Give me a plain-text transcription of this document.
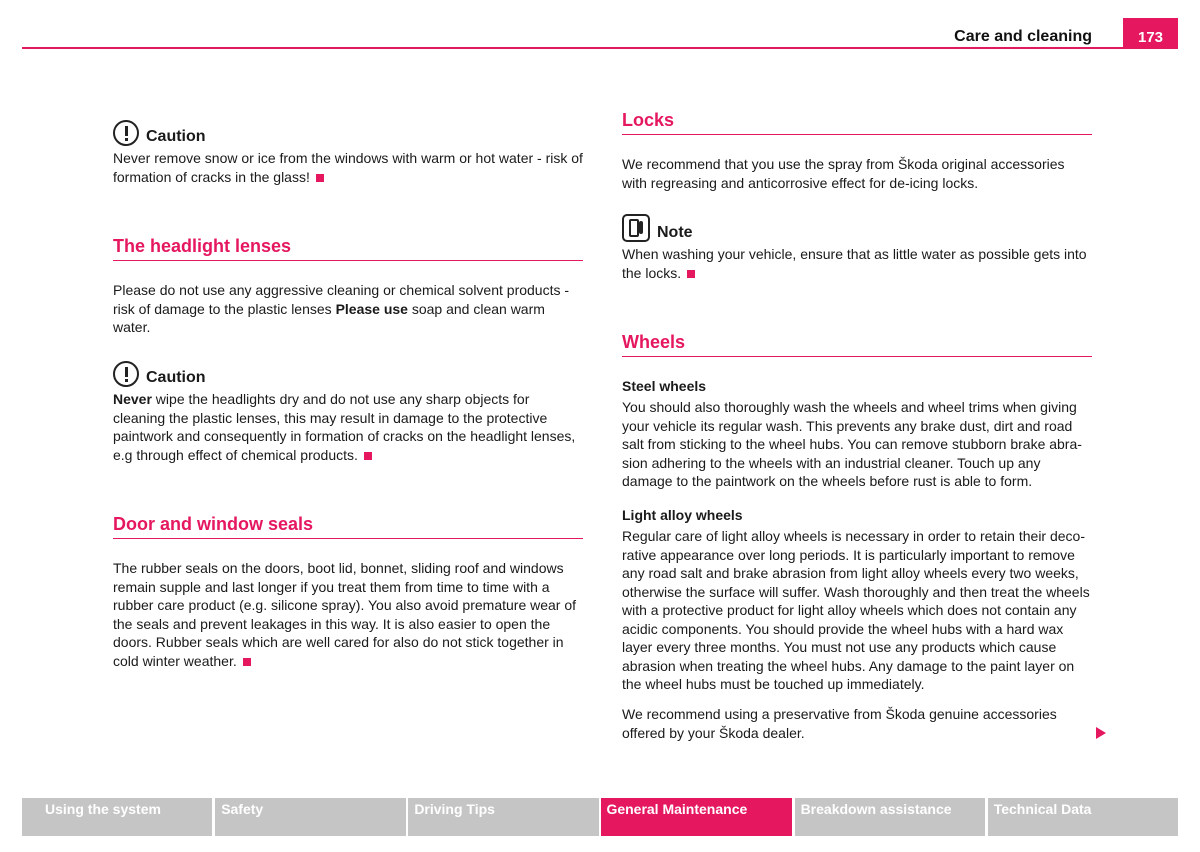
Care and cleaning	173
Caution

Never remove snow or ice from the windows with warm or hot water - risk of formation of cracks in the glass!

The headlight lenses

Please do not use any aggressive cleaning or chemical solvent products - risk of damage to the plastic lenses Please use soap and clean warm water.

Caution

Never wipe the headlights dry and do not use any sharp objects for cleaning the plastic lenses, this may result in damage to the protective paintwork and consequently in formation of cracks on the headlight lenses, e.g through effect of chemical products.

Door and window seals

The rubber seals on the doors, boot lid, bonnet, sliding roof and windows remain supple and last longer if you treat them from time to time with a rubber care product (e.g. silicone spray). You also avoid premature wear of the seals and prevent leakages in this way. It is also easier to open the doors. Rubber seals which are well cared for also do not stick together in cold winter weather.

Locks

We recommend that you use the spray from Škoda original accessories with regreasing and anticorrosive effect for de-icing locks.

Note

When washing your vehicle, ensure that as little water as possible gets into the locks.

Wheels
Steel wheels

You should also thoroughly wash the wheels and wheel trims when giving your vehicle its regular wash. This prevents any brake dust, dirt and road salt from sticking to the wheel hubs. You can remove stubborn brake abra-sion adhering to the wheels with an industrial cleaner. Touch up any damage to the paintwork on the wheels before rust is able to form.

Light alloy wheels

Regular care of light alloy wheels is necessary in order to retain their deco-rative appearance over long periods. It is particularly important to remove any road salt and brake abrasion from light alloy wheels every two weeks, otherwise the surface will suffer. Wash thoroughly and then treat the wheels with a protective product for light alloy wheels which does not contain any acidic components. You should provide the wheel hubs with a hard wax layer every three months. You must not use any products which cause abrasion when treating the wheel hubs. Any damage to the paint layer on the wheel hubs must be touched up immediately.

We recommend using a preservative from Škoda genuine accessories offered by your Škoda dealer.

Using the system	Safety	Driving Tips	General Maintenance	Breakdown assistance	Technical Data
